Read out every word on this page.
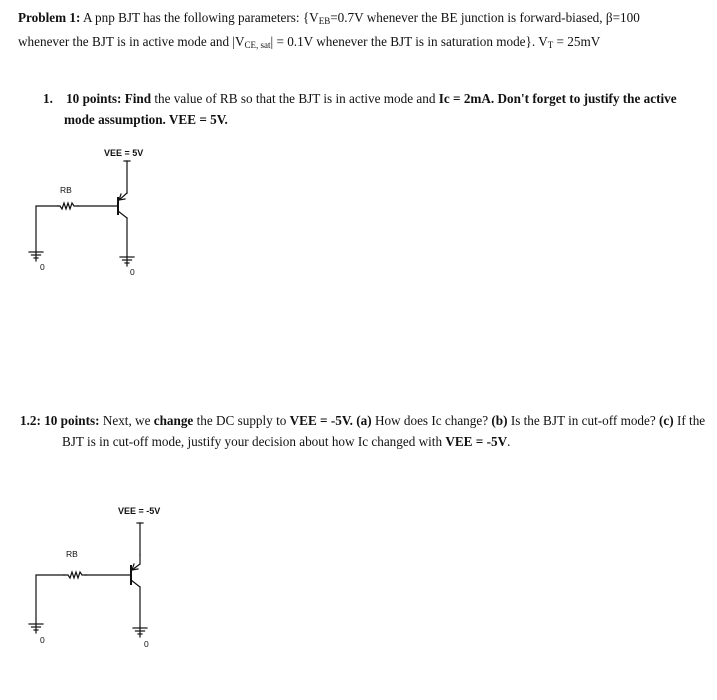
Problem 1: A pnp BJT has the following parameters: {$V_{EB}=0.7V$ whenever the BE junction is forward-biased, β=100 whenever the BJT is in active mode and $|V_{CE, sat}| = 0.1V$ whenever the BJT is in saturation mode}. $V_T = 25mV$
1. 10 points: Find the value of RB so that the BJT is in active mode and Ic = 2mA. Don't forget to justify the active mode assumption. VEE = 5V.
1.2: 10 points: Next, we change the DC supply to VEE = -5V. (a) How does Ic change? (b) Is the BJT in cut-off mode? (c) If the BJT is in cut-off mode, justify your decision about how Ic changed with VEE = -5V.
VEE = 5V
RB
0	0
VEE = -5V
RB
0	0
